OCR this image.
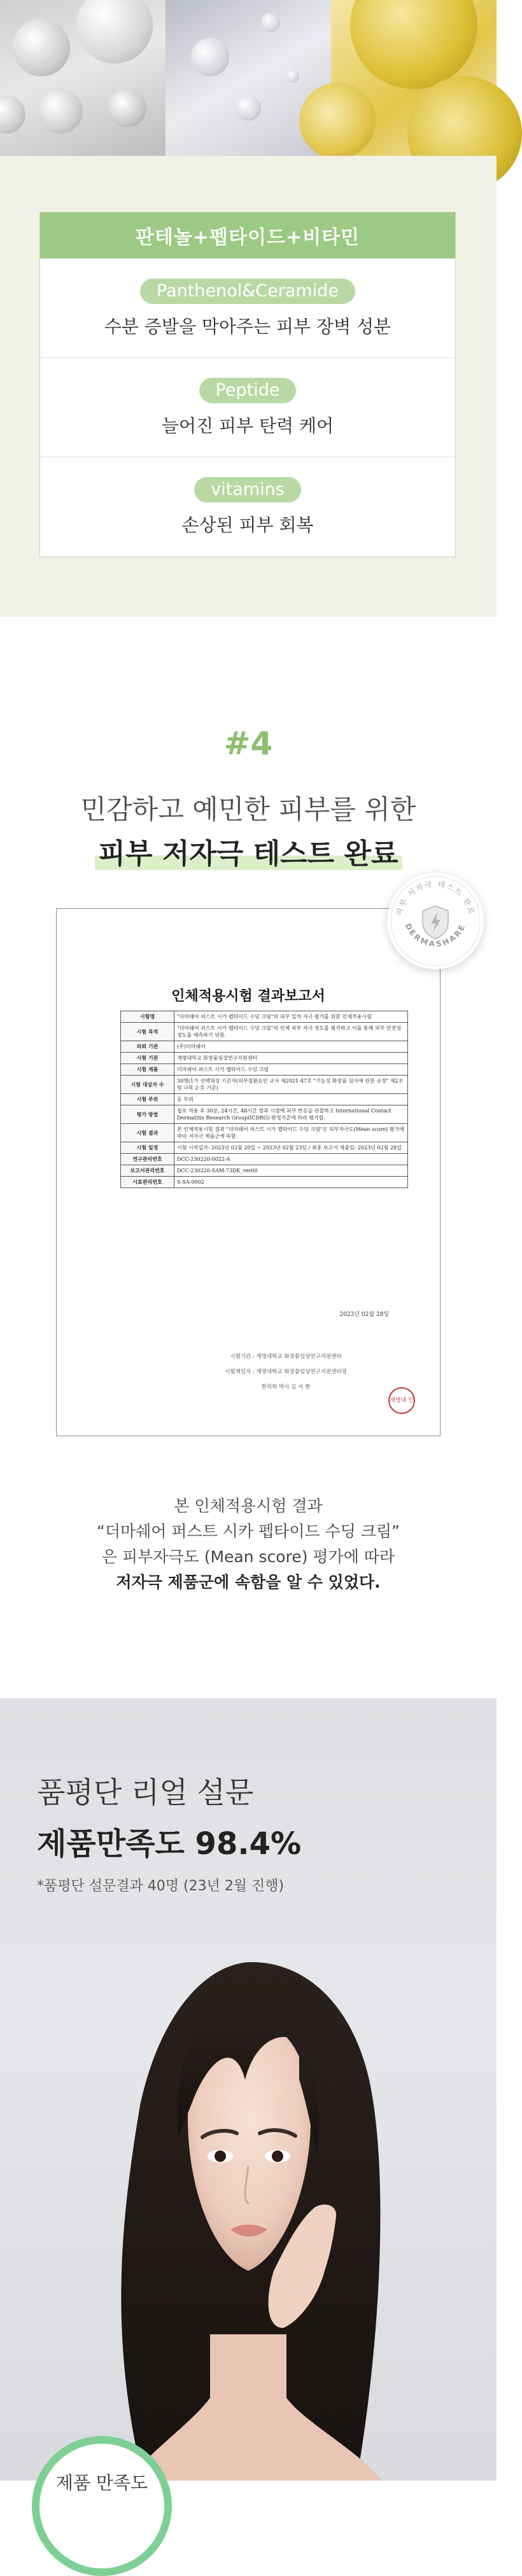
판테놀+펩타이드+비타민
Panthenol&Ceramide
수분 증발을 막아주는 피부 장벽 성분
Peptide
늘어진 피부 탄력 케어
vitamins
손상된 피부 회복
#4
민감하고 예민한 피부를 위한
피부 저자극 테스트 완료
인체적용시험 결과보고서
시험명	"더마쉐어 퍼스트 시카 펩타이드 수딩 크림"의 피부 일차 자극 평가를 위한 인체적용시험
시험 목적	"더마쉐어 퍼스트 시카 펩타이드 수딩 크림"의 인체 피부 자극 정도를 평가하고 이를 통해 피부 안전성 정도를 예측하기 위함.
의뢰 기관	(주)더마쉐어
시험 기관	계명대학교 화장품임상연구지원센터
시험 제품	더마쉐어 퍼스트 시카 펩타이드 수딩 크림
시험 대상자 수	30명(1가 선택대상 기준자(피부질환요인 교사 제2021-47호 "기능성 화장품 심사에 관한 규정" 제2조 및 나목 2·호 기준)
시험 부위	등 부위
평가 방법	첩포 적용 후 30분, 24시간, 48시간 경과 시점에 피부 반응을 관찰하고 International Contact Dermatitis Research Group(ICDRG) 판정기준에 따라 평가함.
시험 결과	본 인체적용시험 결과 "더마쉐어 퍼스트 시카 펩타이드 수딩 크림"은 피부자극도(Mean score) 평가에 따라 저자극 제품군에 속함.
시험 일정	시험 시작일자: 2023년 02월 20일 ~ 2023년 02월 23일 / 최종 보고서 제출일: 2023년 02월 28일
연구관리번호	DCC-230220-0022-A
보고서관리번호	DCC-230220-SAM-73DK_ver00
시료관리번호	S-SA-0002
2023년 02월 28일
시험기관 : 계명대학교 화장품임상연구지원센터
시험책임자 : 계명대학교 화장품임상연구지원센터장
한의학 박사 김 서 현
계명대 인
피부 저자극 테스트 완료
DERMASHARE
본 인체적용시험 결과
“더마쉐어 퍼스트 시카 펩타이드 수딩 크림”
은 피부자극도 (Mean score) 평가에 따라
저자극 제품군에 속함을 알 수 있었다.
품평단 리얼 설문
제품만족도 98.4%
*품평단 설문결과 40명 (23년 2월 진행)
제품 만족도
